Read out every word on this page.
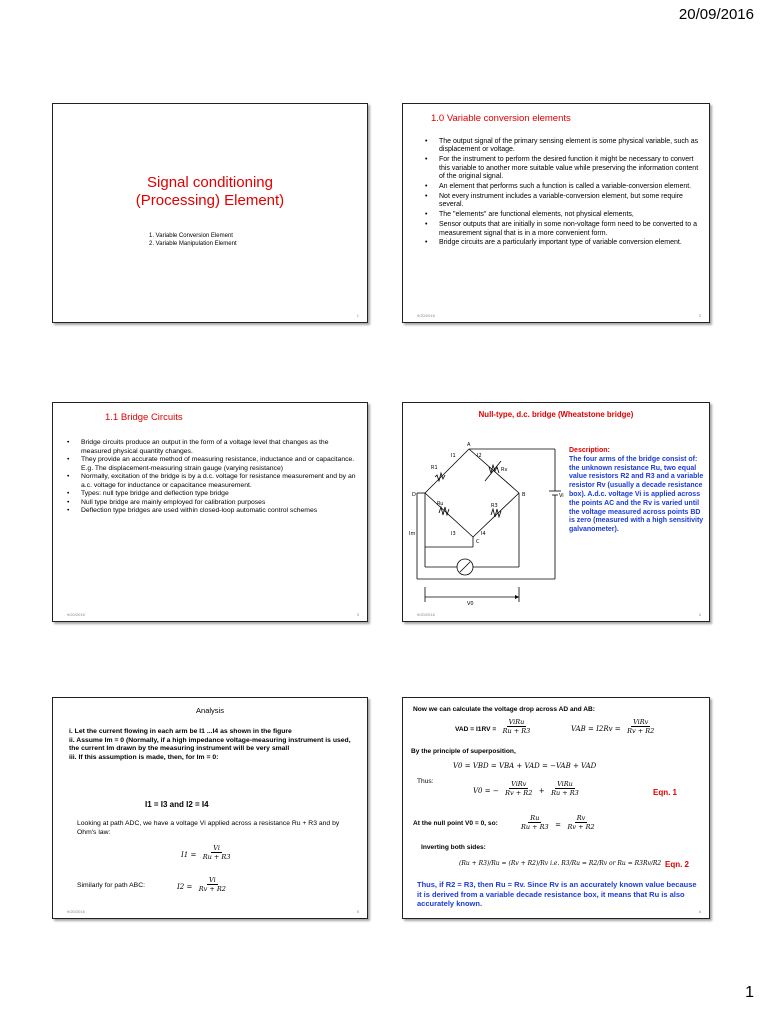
20/09/2016
1
Signal conditioning
(Processing) Element)
1. Variable Conversion Element
2. Variable Manipulation Element
1
1.0 Variable conversion elements
• The output signal of the primary sensing element is some physical variable, such as displacement or voltage.
• For the instrument to perform the desired function it might be necessary to convert this variable to another more suitable value while preserving the information content of the original signal.
• An element that performs such a function is called a variable-conversion element.
• Not every instrument includes a variable-conversion element, but some require several.
• The "elements" are functional elements, not physical elements,
• Sensor outputs that are initially in some non-voltage form need to be converted to a measurement signal that is in a more convenient form.
• Bridge circuits are a particularly important type of variable conversion element.
9/20/2016	2
1.1 Bridge Circuits
• Bridge circuits produce an output in the form of a voltage level that changes as the measured physical quantity changes.
• They provide an accurate method of measuring resistance, inductance and or capacitance. E.g. The displacement-measuring strain gauge (varying resistance)
• Normally, excitation of the bridge is by a d.c. voltage for resistance measurement and by an a.c. voltage for inductance or capacitance measurement.
• Types: null type bridge and deflection type bridge
• Null type bridge are mainly employed for calibration purposes
• Deflection type bridges are used within closed-loop automatic control schemes
9/20/2016	3
Null-type, d.c. bridge (Wheatstone bridge)
A
B
C
D
I1	I2
I3	I4
R1	Rv
Ru	R3
Vi
Im
V0
Description:
The four arms of the bridge consist of: the unknown resistance Ru, two equal value resistors R2 and R3 and a variable resistor Rv (usually a decade resistance box). A.d.c. voltage Vi is applied across the points AC and the Rv is varied until the voltage measured across points BD is zero (measured with a high sensitivity galvanometer).
9/20/2016	4
Analysis
i. Let the current flowing in each arm be I1 ...I4 as shown in the figure
ii. Assume Im = 0 (Normally, if a high impedance voltage-measuring instrument is used, the current Im drawn by the measuring instrument will be very small
iii. If this assumption is made, then, for Im = 0:
I1 = I3 and I2 = I4
Looking at path ADC, we have a voltage Vi applied across a resistance Ru + R3 and by Ohm's law:
$I1 = \frac{Vi}{Ru + R3}$
Similarly for path ABC:	$I2 = \frac{Vi}{Rv + R2}$
9/20/2016	5
Now we can calculate the voltage drop across AD and AB:
VAD = $I1RV = \frac{\text{ViRu}}{Ru + R3}$	VAB = $I2Rv = \frac{\text{ViRv}}{Rv + R2}$
By the principle of superposition,
V0 = VBD = VBA + VAD = −VAB + VAD
Thus:
V0 = − $\frac{\text{ViRv}}{Rv + R2} + \frac{\text{ViRu}}{Ru + R3}$	Eqn. 1
At the null point V0 = 0, so:	$\frac{Ru}{Ru + R3} = \frac{Rv}{Rv + R2}$
Inverting both sides:
(Ru + R3)/Ru = (Rv + R2)/Rv i.e. R3/Ru = R2/Rv or Ru = R3Rv/R2 Eqn. 2
Thus, if R2 = R3, then Ru = Rv. Since Rv is an accurately known value because it is derived from a variable decade resistance box, it means that Ru is also accurately known.
6
